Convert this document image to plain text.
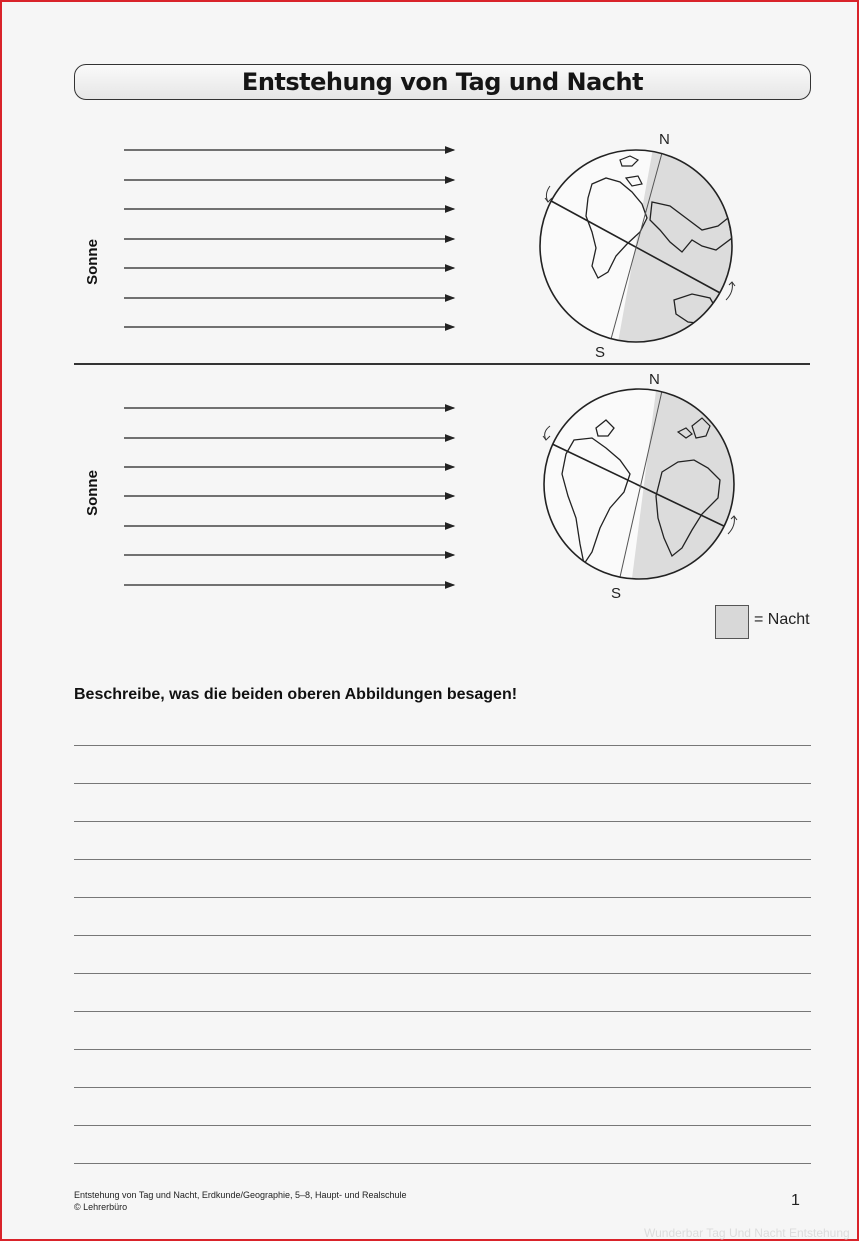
Entstehung von Tag und Nacht
Sonne
N
S
Sonne
N
S
= Nacht
Beschreibe, was die beiden oberen Abbildungen besagen!
Entstehung von Tag und Nacht, Erdkunde/Geographie, 5–8, Haupt- und Realschule
© Lehrerbüro	1
Wunderbar Tag Und Nacht Entstehung
